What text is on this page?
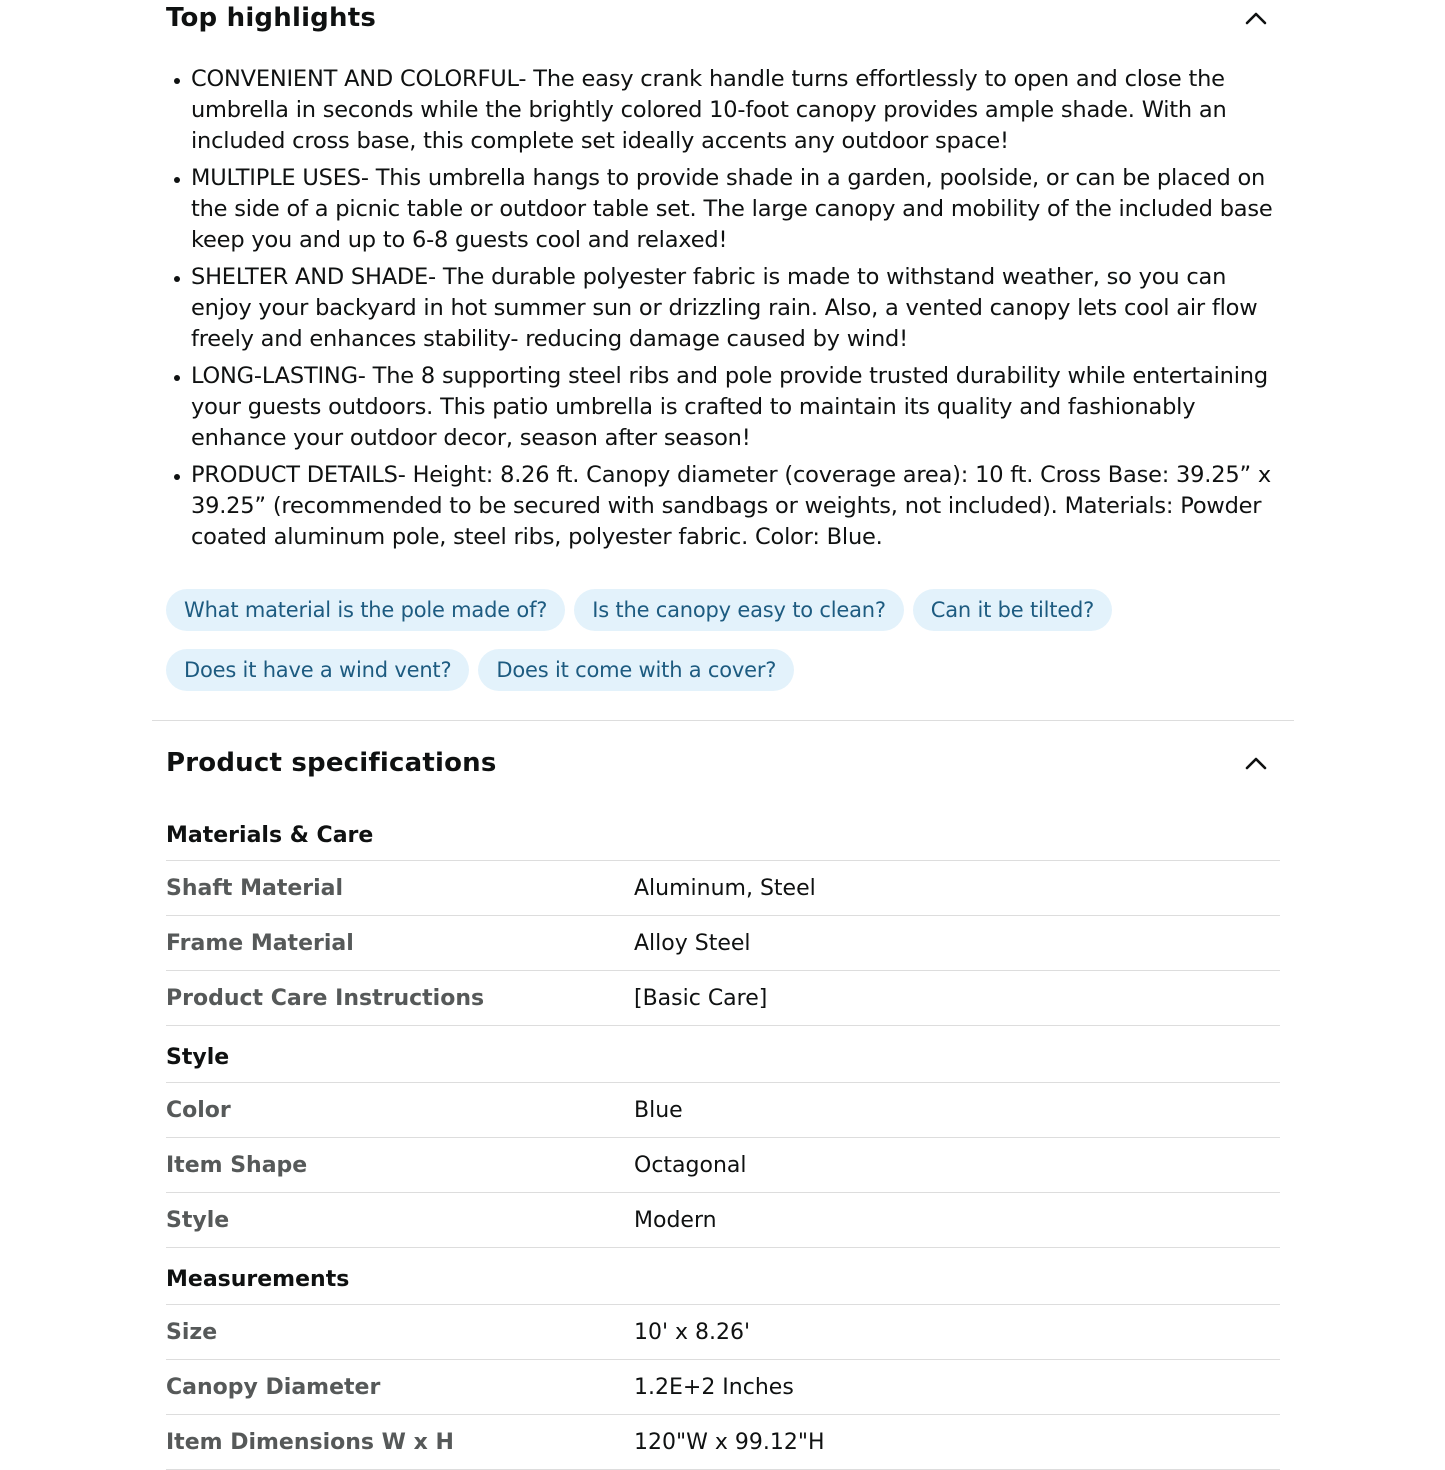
Top highlights
CONVENIENT AND COLORFUL- The easy crank handle turns effortlessly to open and close the umbrella in seconds while the brightly colored 10-foot canopy provides ample shade. With an included cross base, this complete set ideally accents any outdoor space!
MULTIPLE USES- This umbrella hangs to provide shade in a garden, poolside, or can be placed on the side of a picnic table or outdoor table set. The large canopy and mobility of the included base keep you and up to 6-8 guests cool and relaxed!
SHELTER AND SHADE- The durable polyester fabric is made to withstand weather, so you can enjoy your backyard in hot summer sun or drizzling rain. Also, a vented canopy lets cool air flow freely and enhances stability- reducing damage caused by wind!
LONG-LASTING- The 8 supporting steel ribs and pole provide trusted durability while entertaining your guests outdoors. This patio umbrella is crafted to maintain its quality and fashionably enhance your outdoor decor, season after season!
PRODUCT DETAILS- Height: 8.26 ft. Canopy diameter (coverage area): 10 ft. Cross Base: 39.25” x 39.25” (recommended to be secured with sandbags or weights, not included). Materials: Powder coated aluminum pole, steel ribs, polyester fabric. Color: Blue.
What material is the pole made of?	Is the canopy easy to clean?	Can it be tilted?
Does it have a wind vent?	Does it come with a cover?
Product specifications
Materials & Care
Shaft Material	Aluminum, Steel
Frame Material	Alloy Steel
Product Care Instructions	[Basic Care]
Style
Color	Blue
Item Shape	Octagonal
Style	Modern
Measurements
Size	10' x 8.26'
Canopy Diameter	1.2E+2 Inches
Item Dimensions W x H	120"W x 99.12"H
